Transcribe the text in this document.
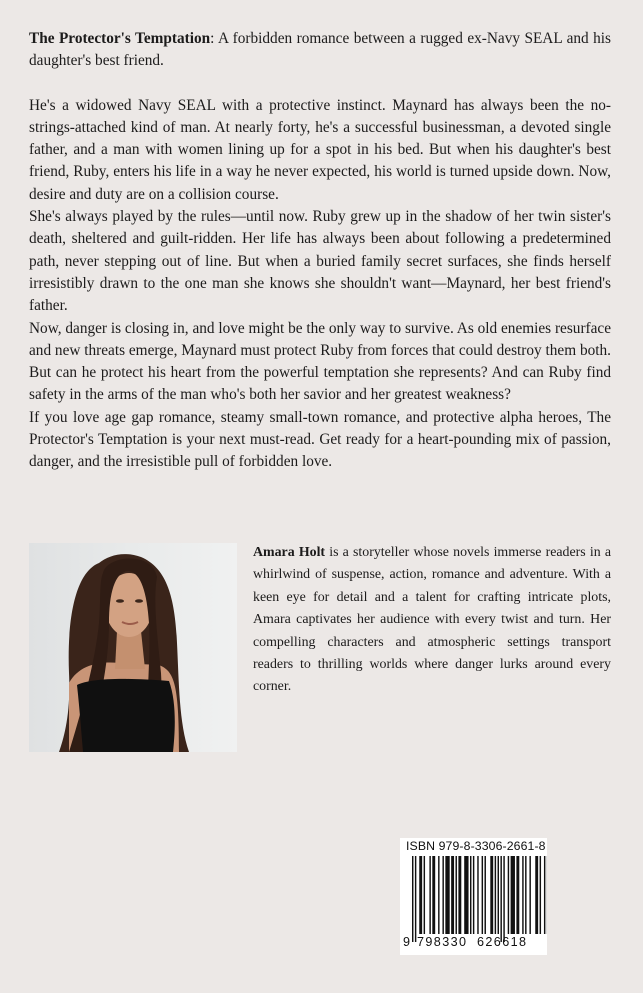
The Protector's Temptation: A forbidden romance between a rugged ex-Navy SEAL and his daughter's best friend.

He's a widowed Navy SEAL with a protective instinct. Maynard has always been the no-strings-attached kind of man. At nearly forty, he's a successful businessman, a devoted single father, and a man with women lining up for a spot in his bed. But when his daughter's best friend, Ruby, enters his life in a way he never expected, his world is turned upside down. Now, desire and duty are on a collision course.

She's always played by the rules—until now. Ruby grew up in the shadow of her twin sister's death, sheltered and guilt-ridden. Her life has always been about following a predetermined path, never stepping out of line. But when a buried family secret surfaces, she finds herself irresistibly drawn to the one man she knows she shouldn't want—Maynard, her best friend's father.

Now, danger is closing in, and love might be the only way to survive. As old enemies resurface and new threats emerge, Maynard must protect Ruby from forces that could destroy them both. But can he protect his heart from the powerful temptation she represents? And can Ruby find safety in the arms of the man who's both her savior and her greatest weakness?

If you love age gap romance, steamy small-town romance, and protective alpha heroes, The Protector's Temptation is your next must-read. Get ready for a heart-pounding mix of passion, danger, and the irresistible pull of forbidden love.

Amara Holt is a storyteller whose novels immerse readers in a whirlwind of suspense, action, romance and adventure. With a keen eye for detail and a talent for crafting intricate plots, Amara captivates her audience with every twist and turn. Her compelling characters and atmospheric settings transport readers to thrilling worlds where danger lurks around every corner.

ISBN 979-8-3306-2661-8
9 798330 626618
